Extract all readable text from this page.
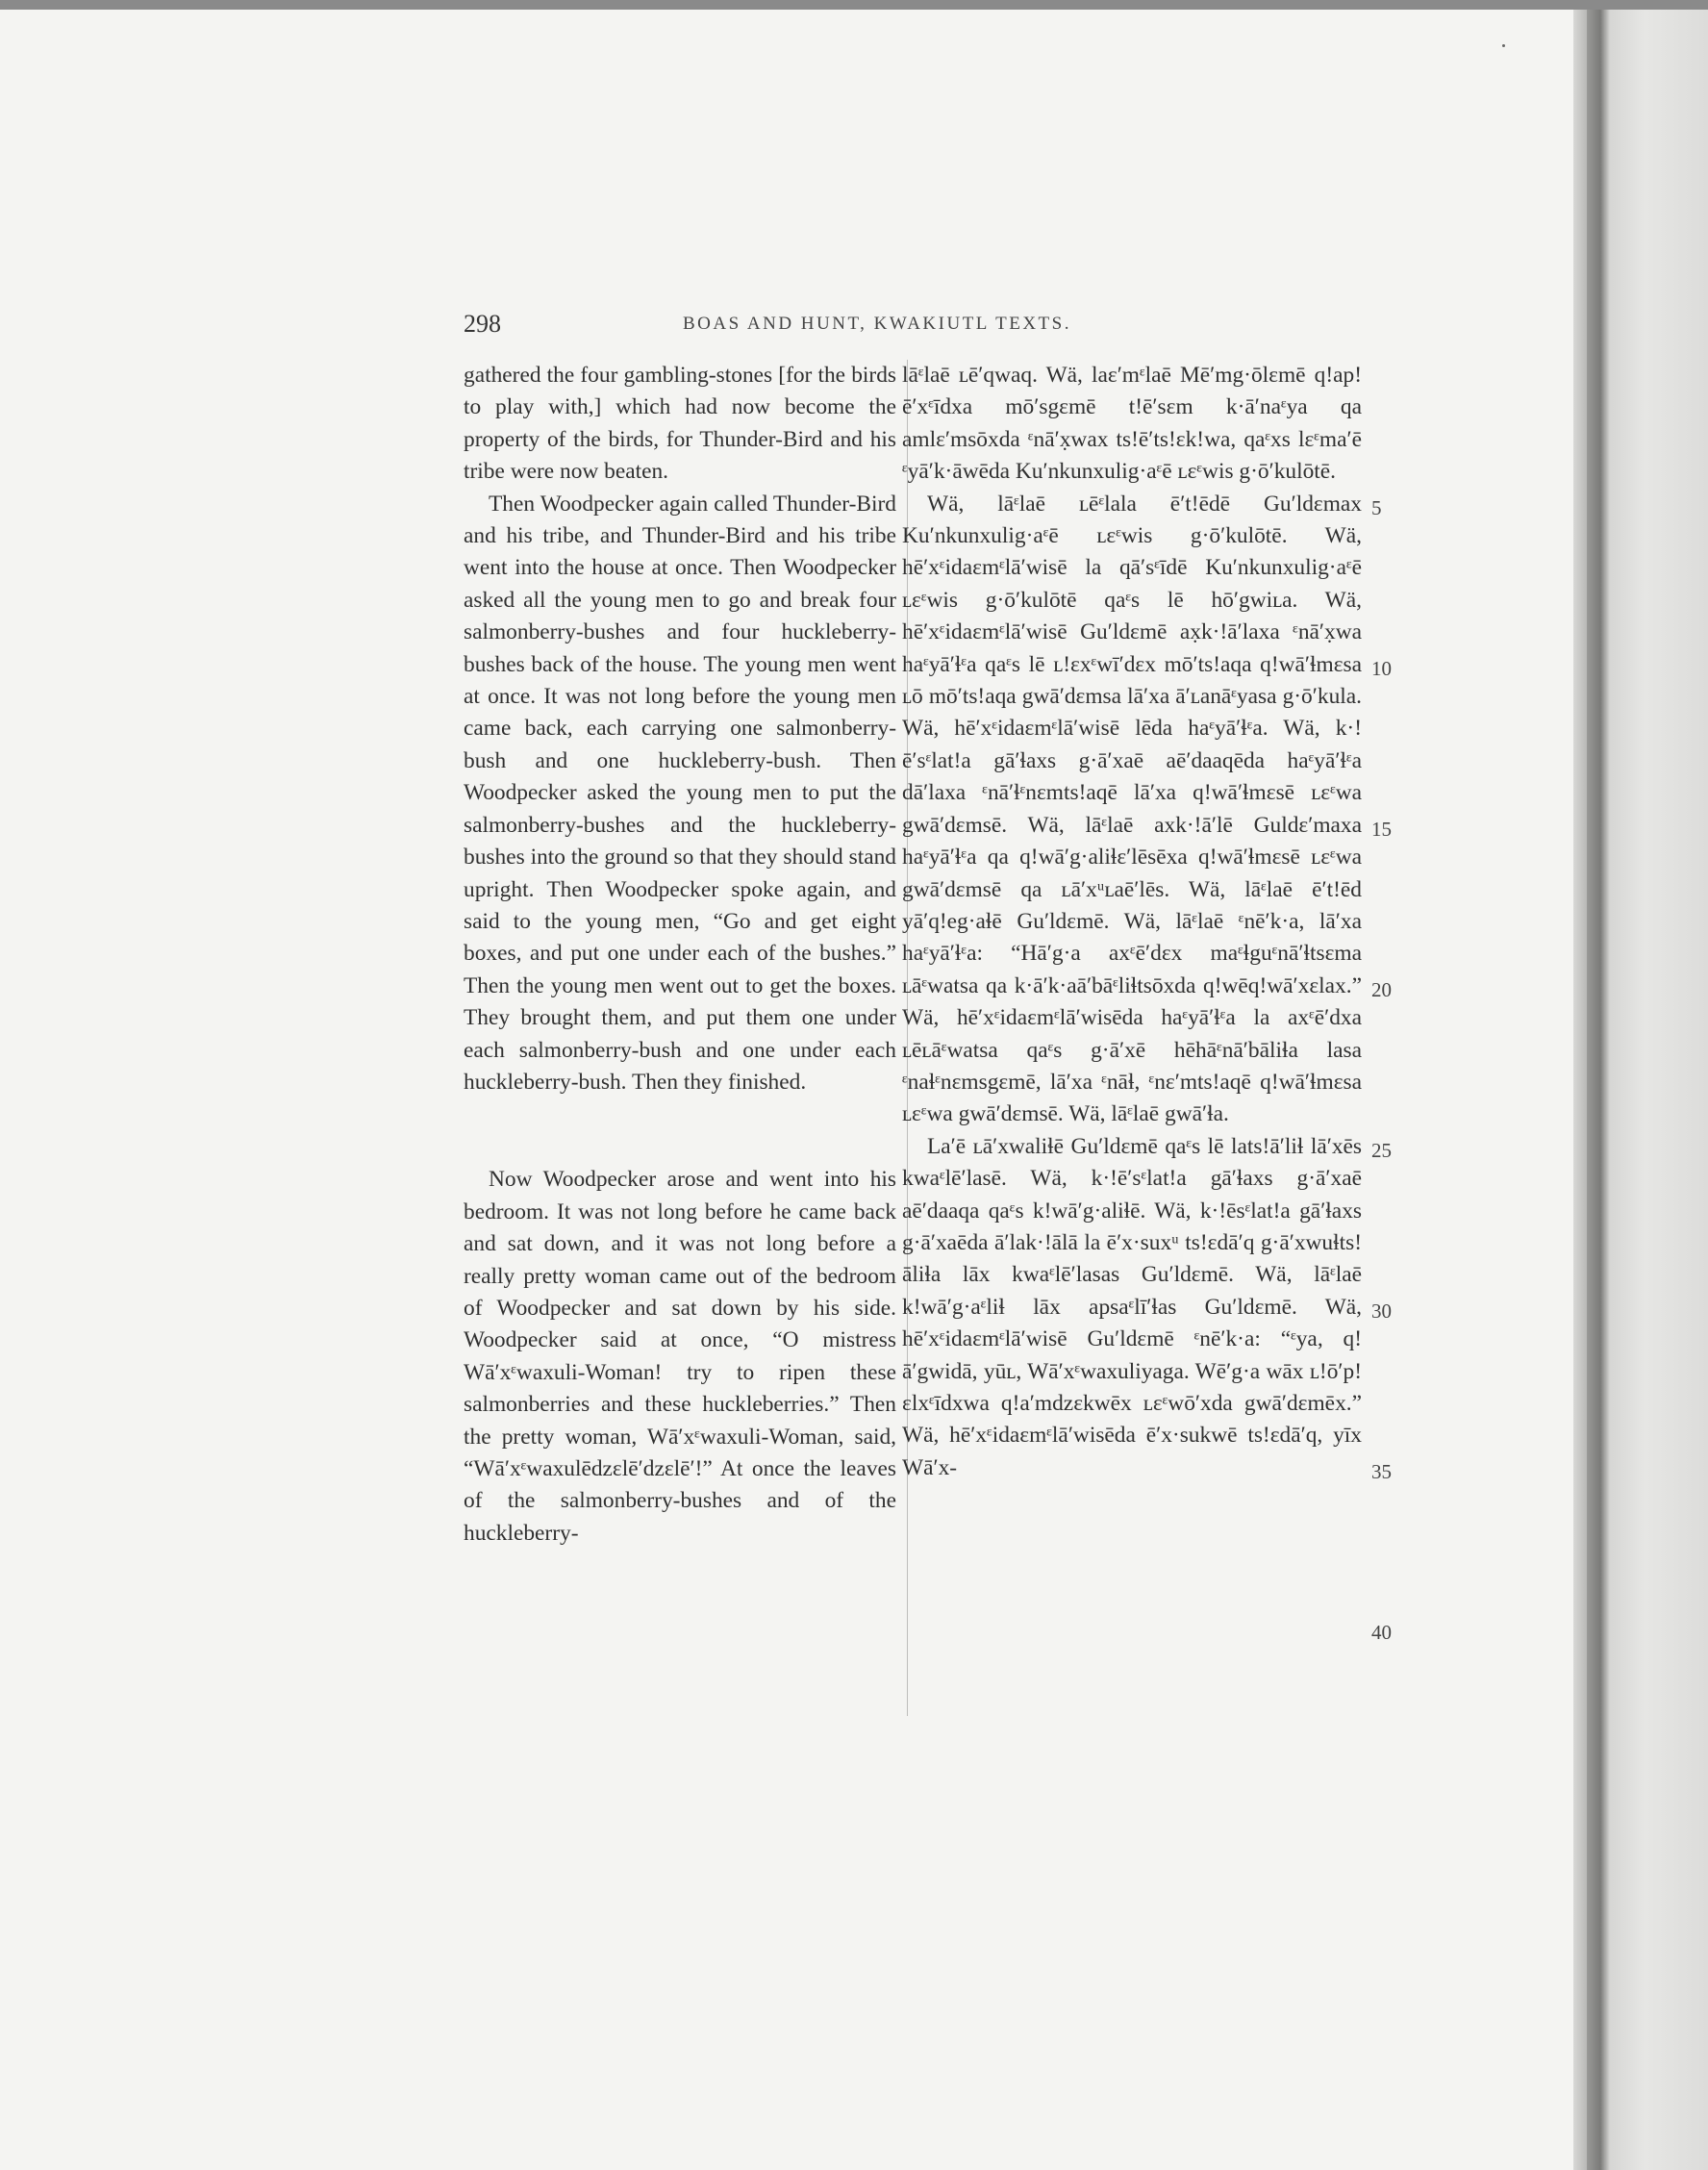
298	BOAS AND HUNT, KWAKIUTL TEXTS.

gathered the four gambling-stones [for the birds to play with,] which had now become the property of the birds, for Thunder-Bird and his tribe were now beaten.

Then Woodpecker again called Thunder-Bird and his tribe, and Thunder-Bird and his tribe went into the house at once. Then Woodpecker asked all the young men to go and break four salmonberry-bushes and four huckleberry-bushes back of the house. The young men went at once. It was not long before the young men came back, each carrying one salmonberry-bush and one huckleberry-bush. Then Woodpecker asked the young men to put the salmonberry-bushes and the huckleberry-bushes into the ground so that they should stand upright. Then Woodpecker spoke again, and said to the young men, “Go and get eight boxes, and put one under each of the bushes.” Then the young men went out to get the boxes. They brought them, and put them one under each salmonberry-bush and one under each huckleberry-bush. Then they finished.

Now Woodpecker arose and went into his bedroom. It was not long before he came back and sat down, and it was not long before a really pretty woman came out of the bedroom of Woodpecker and sat down by his side. Woodpecker said at once, “O mistress Wā′xᵋwaxuli-Woman! try to ripen these salmonberries and these huckleberries.” Then the pretty woman, Wā′xᵋwaxuli-Woman, said, “Wā′xᵋwaxulēdzɛlē′dzɛlē′!” At once the leaves of the salmonberry-bushes and of the huckleberry-

lāᵋlaē ʟē′qwaq. Wä, laɛ′mᵋlaē Mē′mg·ōlɛmē q!ap!ē′xᵋīdxa mō′sgɛmē t!ē′sɛm k·ā′naᵋya qa amlɛ′msōxda ᵋnā′x̣wax ts!ē′ts!ɛk!wa, qaᵋxs lɛᵋma′ē ᵋyā′k·āwēda Ku′nkunxulig·aᵋē ʟɛᵋwis g·ō′kulōtē.

Wä, lāᵋlaē ʟēᵋlala ē′t!ēdē Gu′ldɛmax Ku′nkunxulig·aᵋē ʟɛᵋwis g·ō′kulōtē. Wä, hē′xᵋidaɛmᵋlā′wisē la qā′sᵋīdē Ku′nkunxulig·aᵋē ʟɛᵋwis g·ō′kulōtē qaᵋs lē hō′gwiʟa. Wä, hē′xᵋidaɛmᵋlā′wisē Gu′ldɛmē ax̣k·!ā′laxa ᵋnā′x̣wa haᵋyā′ɬᵋa qaᵋs lē ʟ!ɛxᵋwī′dɛx mō′ts!aqa q!wā′ɬmɛsa ʟō mō′ts!aqa gwā′dɛmsa lā′xa ā′ʟanāᵋyasa g·ō′kula. Wä, hē′xᵋidaɛmᵋlā′wisē lēda haᵋyā′ɬᵋa. Wä, k·!ē′sᵋlat!a gā′ɬaxs g·ā′xaē aē′daaqēda haᵋyā′ɬᵋa dā′laxa ᵋnā′ɬᵋnɛmts!aqē lā′xa q!wā′ɬmɛsē ʟɛᵋwa gwā′dɛmsē. Wä, lāᵋlaē axk·!ā′lē Guldɛ′maxa haᵋyā′ɬᵋa qa q!wā′g·aliɬɛ′lēsēxa q!wā′ɬmɛsē ʟɛᵋwa gwā′dɛmsē qa ʟā′xᵘʟaē′lēs. Wä, lāᵋlaē ē′t!ēd yā′q!eg·aɬē Gu′ldɛmē. Wä, lāᵋlaē ᵋnē′k·a, lā′xa haᵋyā′ɬᵋa: “Hā′g·a axᵋē′dɛx maᵋɬguᵋnā′ɬtsɛma ʟāᵋwatsa qa k·ā′k·aā′bāᵋliɬtsōxda q!wēq!wā′xɛlax.” Wä, hē′xᵋidaɛmᵋlā′wisēda haᵋyā′ɬᵋa la axᵋē′dxa ʟēʟāᵋwatsa qaᵋs g·ā′xē hēhāᵋnā′bāliɬa lasa ᵋnaɬᵋnɛmsgɛmē, lā′xa ᵋnāɬ, ᵋnɛ′mts!aqē q!wā′ɬmɛsa ʟɛᵋwa gwā′dɛmsē. Wä, lāᵋlaē gwā′ɬa.

La′ē ʟā′xwaliɬē Gu′ldɛmē qaᵋs lē lats!ā′liɬ lā′xēs kwaᵋlē′lasē. Wä, k·!ē′sᵋlat!a gā′ɬaxs g·ā′xaē aē′daaqa qaᵋs k!wā′g·aliɬē. Wä, k·!ēsᵋlat!a gā′ɬaxs g·ā′xaēda ā′lak·!ālā la ē′x·suxᵘ ts!ɛdā′q g·ā′xwuɬts!āliɬa lāx kwaᵋlē′lasas Gu′ldɛmē. Wä, lāᵋlaē k!wā′g·aᵋliɬ lāx apsaᵋlī′ɬas Gu′ldɛmē. Wä, hē′xᵋidaɛmᵋlā′wisē Gu′ldɛmē ᵋnē′k·a: “ᵋya, q!ā′gwidā, yūʟ, Wā′xᵋwaxuliyaga. Wē′g·a wāx ʟ!ō′p!ɛlxᵋīdxwa q!a′mdzɛkwēx ʟɛᵋwō′xda gwā′dɛmēx.” Wä, hē′xᵋidaɛmᵋlā′wisēda ē′x·sukwē ts!ɛdā′q, yīx Wā′x-

5
10
15
20
25
30
35
40
